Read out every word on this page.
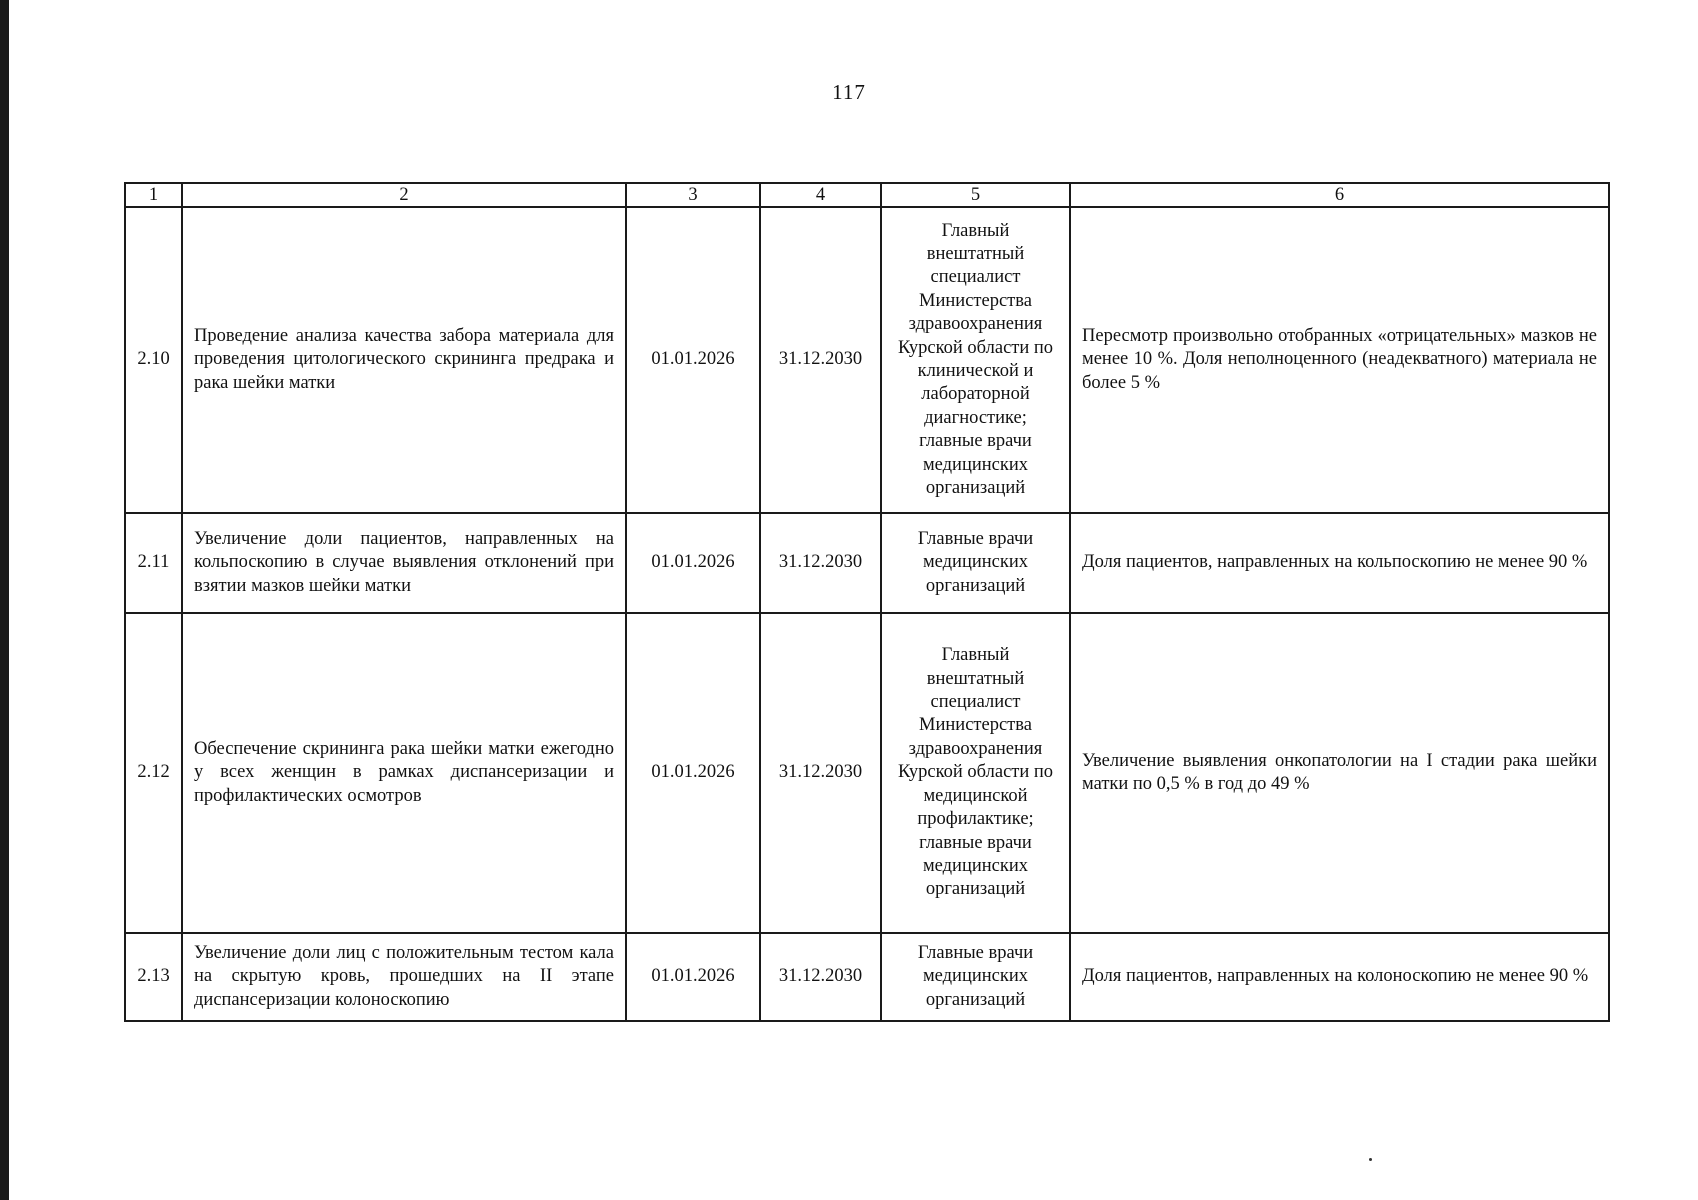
117
1	2	3	4	5	6
2.10	Проведение анализа качества забора материала для проведения цитологического скрининга предрака и рака шейки матки	01.01.2026	31.12.2030	Главный внештатный специалист Министерства здравоохранения Курской области по клинической и лабораторной диагностике; главные врачи медицинских организаций	Пересмотр произвольно отобранных «отрицательных» мазков не менее 10 %. Доля неполноценного (неадекватного) материала не более 5 %
2.11	Увеличение доли пациентов, направленных на кольпоскопию в случае выявления отклонений при взятии мазков шейки матки	01.01.2026	31.12.2030	Главные врачи медицинских организаций	Доля пациентов, направленных на кольпоскопию не менее 90 %
2.12	Обеспечение скрининга рака шейки матки ежегодно у всех женщин в рамках диспансеризации и профилактических осмотров	01.01.2026	31.12.2030	Главный внештатный специалист Министерства здравоохранения Курской области по медицинской профилактике; главные врачи медицинских организаций	Увеличение выявления онкопатологии на I стадии рака шейки матки по 0,5 % в год до 49 %
2.13	Увеличение доли лиц с положительным тестом кала на скрытую кровь, прошедших на II этапе диспансеризации колоноскопию	01.01.2026	31.12.2030	Главные врачи медицинских организаций	Доля пациентов, направленных на колоноскопию не менее 90 %
